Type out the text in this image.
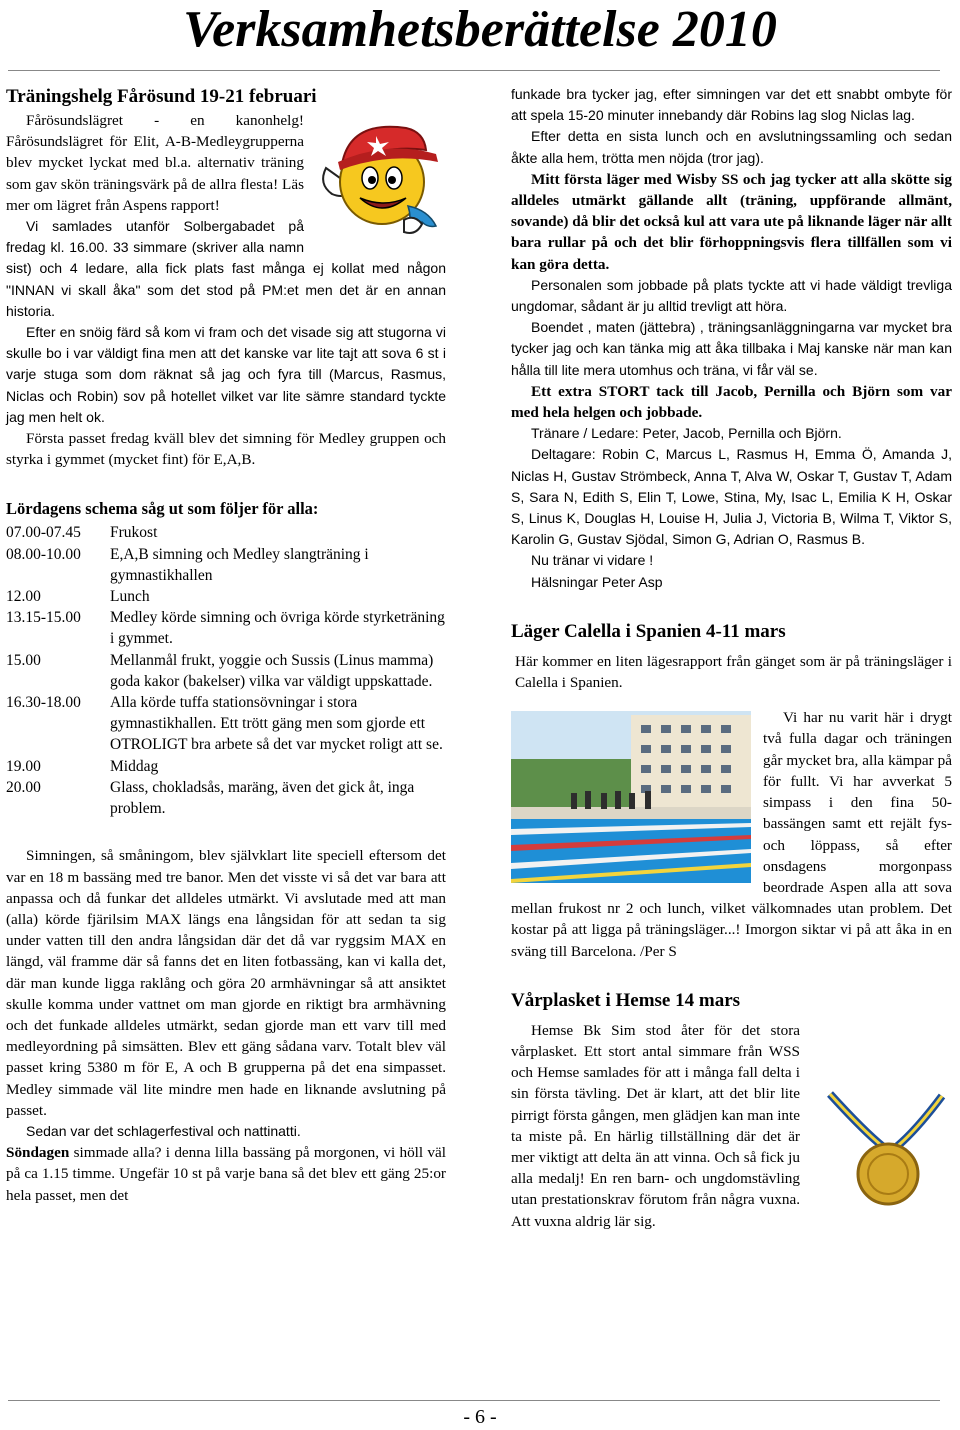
Verksamhetsberättelse 2010
Träningshelg Fårösund 19-21 februari

Fårösundslägret - en kanonhelg! Fårösundslägret för Elit, A-B-Medleygrupperna blev mycket lyckat med bl.a. alternativ träning som gav skön träningsvärk på de allra flesta! Läs mer om lägret från Aspens rapport!

Vi samlades utanför Solbergabadet på fredag kl. 16.00. 33 simmare (skriver alla namn sist) och 4 ledare, alla fick plats fast många ej kollat med någon "INNAN vi skall åka" som det stod på PM:et men det är en annan historia.

Efter en snöig färd så kom vi fram och det visade sig att stugorna vi skulle bo i var väldigt fina men att det kanske var lite tajt att sova 6 st i varje stuga som dom räknat så jag och fyra till (Marcus, Rasmus, Niclas och Robin) sov på hotellet vilket var lite sämre standard tyckte jag men helt ok.

Första passet fredag kväll blev det simning för Medley gruppen och styrka i gymmet (mycket fint) för E,A,B.

Lördagens schema såg ut som följer för alla:
07.00-07.45	Frukost
08.00-10.00	E,A,B simning och Medley slangträning i gymnastikhallen
12.00	Lunch
13.15-15.00	Medley körde simning och övriga körde styrketräning i gymmet.
15.00	Mellanmål frukt, yoggie och Sussis (Linus mamma) goda kakor (bakelser) vilka var väldigt uppskattade.
16.30-18.00	Alla körde tuffa stationsövningar i stora gymnastikhallen. Ett trött gäng men som gjorde ett OTROLIGT bra arbete så det var mycket roligt att se.
19.00	Middag
20.00	Glass, chokladsås, maräng, även det gick åt, inga problem.

Simningen, så småningom, blev självklart lite speciell eftersom det var en 18 m bassäng med tre banor. Men det visste vi så det var bara att anpassa och då funkar det alldeles utmärkt. Vi avslutade med att man (alla) körde fjärilsim MAX längs ena långsidan för att sedan ta sig under vatten till den andra långsidan där det då var ryggsim MAX en längd, väl framme där så fanns det en liten fotbassäng, kan vi kalla det, där man kunde ligga raklång och göra 20 armhävningar så att ansiktet skulle komma under vattnet om man gjorde en riktigt bra armhävning och det funkade alldeles utmärkt, sedan gjorde man ett varv till med medleyordning på simsätten. Blev ett gäng sådana varv. Totalt blev väl passet kring 5380 m för E, A och B grupperna på det ena simpasset. Medley simmade väl lite mindre men hade en liknande avslutning på passet.

Sedan var det schlagerfestival och nattinatti.

Söndagen simmade alla? i denna lilla bassäng på morgonen, vi höll väl på ca 1.15 timme. Ungefär 10 st på varje bana så det blev ett gäng 25:or hela passet, men det

funkade bra tycker jag, efter simningen var det ett snabbt ombyte för att spela 15-20 minuter innebandy där Robins lag slog Niclas lag.

Efter detta en sista lunch och en avslutningssamling och sedan åkte alla hem, trötta men nöjda (tror jag).

Mitt första läger med Wisby SS och jag tycker att alla skötte sig alldeles utmärkt gällande allt (träning, uppförande allmänt, sovande) då blir det också kul att vara ute på liknande läger när allt bara rullar på och det blir förhoppningsvis flera tillfällen som vi kan göra detta.

Personalen som jobbade på plats tyckte att vi hade väldigt trevliga ungdomar, sådant är ju alltid trevligt att höra.

Boendet , maten (jättebra) , träningsanläggningarna var mycket bra tycker jag och kan tänka mig att åka tillbaka i Maj kanske när man kan hålla till lite mera utomhus och träna, vi får väl se.

Ett extra STORT tack till Jacob, Pernilla och Björn som var med hela helgen och jobbade.

Tränare / Ledare: Peter, Jacob, Pernilla och Björn.

Deltagare: Robin C, Marcus L, Rasmus H, Emma Ö, Amanda J, Niclas H, Gustav Strömbeck, Anna T, Alva W, Oskar T, Gustav T, Adam S, Sara N, Edith S, Elin T, Lowe, Stina, My, Isac L, Emilia K H, Oskar S, Linus K, Douglas H, Louise H, Julia J, Victoria B, Wilma T, Viktor S, Karolin G, Gustav Sjödal, Simon G, Adrian O, Rasmus B.

Nu tränar vi vidare !

Hälsningar Peter Asp

Läger Calella i Spanien 4-11 mars

Här kommer en liten lägesrapport från gänget som är på träningsläger i Calella i Spanien.

Vi har nu varit här i drygt två fulla dagar och träningen går mycket bra, alla kämpar på för fullt. Vi har avverkat 5 simpass i den fina 50-bassängen samt ett rejält fys- och löppass, så efter onsdagens morgonpass beordrade Aspen alla att sova mellan frukost nr 2 och lunch, vilket välkomnades utan problem. Det kostar på att ligga på träningsläger...! Imorgon siktar vi på att åka in en sväng till Barcelona. /Per S

Vårplasket i Hemse 14 mars

Hemse Bk Sim stod åter för det stora vårplasket. Ett stort antal simmare från WSS och Hemse samlades för att i många fall delta i sin första tävling. Det är klart, att det blir lite pirrigt första gången, men glädjen kan man inte ta miste på. En härlig tillställning där det är mer viktigt att delta än att vinna. Och så fick ju alla medalj! En ren barn- och ungdomstävling utan prestationskrav förutom från några vuxna. Att vuxna aldrig lär sig.

- 6 -
